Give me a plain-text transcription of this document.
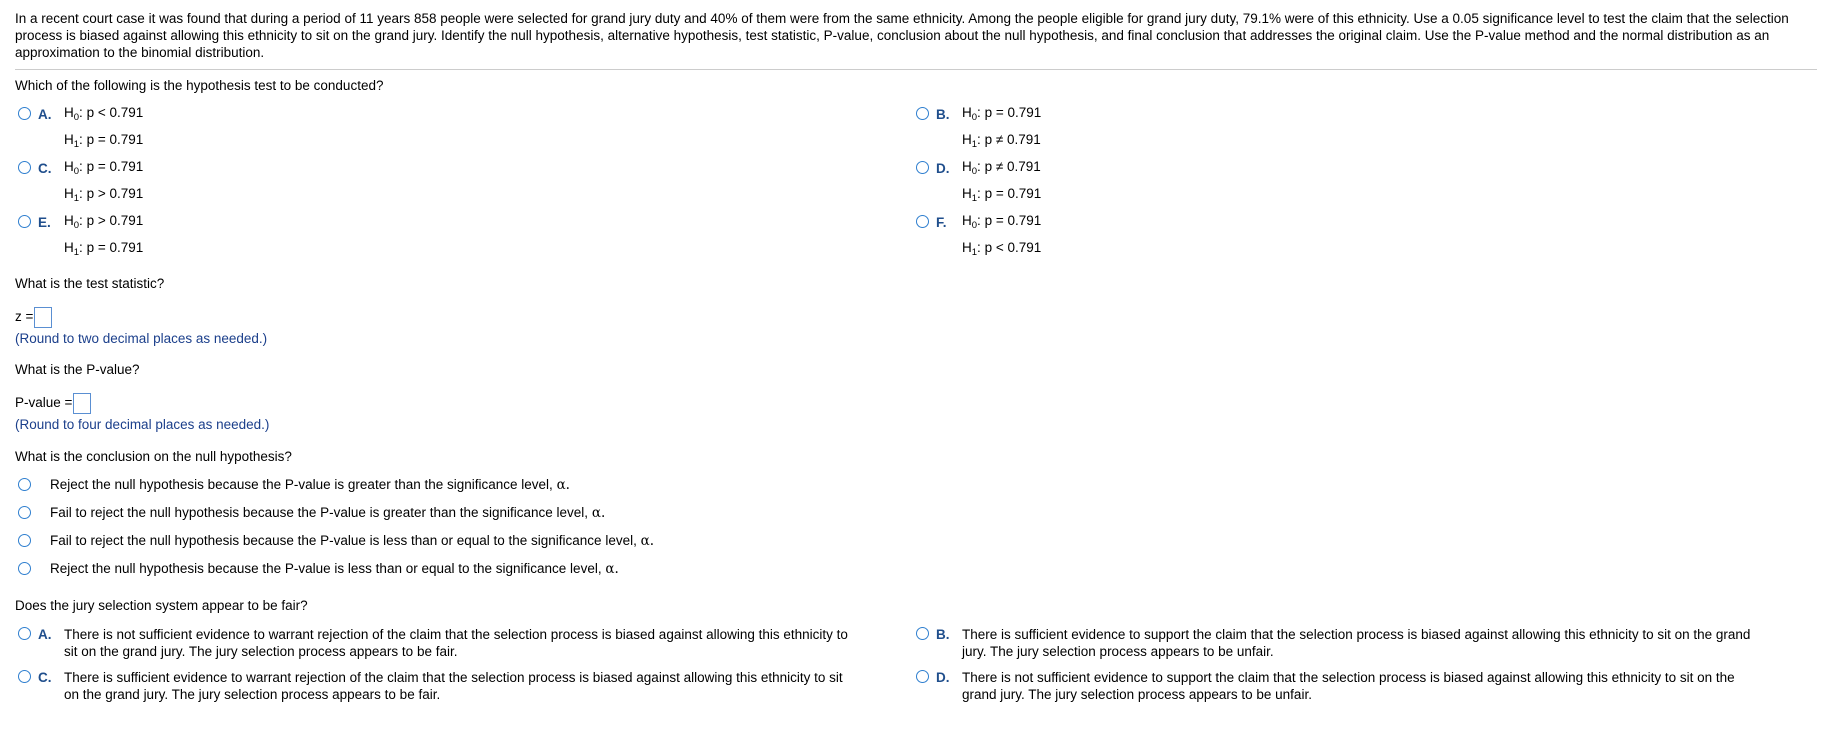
In a recent court case it was found that during a period of 11 years 858 people were selected for grand jury duty and 40% of them were from the same ethnicity. Among the people eligible for grand jury duty, 79.1% were of this ethnicity. Use a 0.05 significance level to test the claim that the selection process is biased against allowing this ethnicity to sit on the grand jury. Identify the null hypothesis, alternative hypothesis, test statistic, P-value, conclusion about the null hypothesis, and final conclusion that addresses the original claim. Use the P-value method and the normal distribution as an approximation to the binomial distribution.
Which of the following is the hypothesis test to be conducted?
A. $H_0$: p < 0.791
$H_1$: p = 0.791
B. $H_0$: p = 0.791
$H_1$: p ≠ 0.791
C. $H_0$: p = 0.791
$H_1$: p > 0.791
D. $H_0$: p ≠ 0.791
$H_1$: p = 0.791
E. $H_0$: p > 0.791
$H_1$: p = 0.791
F. $H_0$: p = 0.791
$H_1$: p < 0.791
What is the test statistic?
z =
(Round to two decimal places as needed.)
What is the P-value?
P-value =
(Round to four decimal places as needed.)
What is the conclusion on the null hypothesis?
Reject the null hypothesis because the P-value is greater than the significance level, α.
Fail to reject the null hypothesis because the P-value is greater than the significance level, α.
Fail to reject the null hypothesis because the P-value is less than or equal to the significance level, α.
Reject the null hypothesis because the P-value is less than or equal to the significance level, α.
Does the jury selection system appear to be fair?
A. There is not sufficient evidence to warrant rejection of the claim that the selection process is biased against allowing this ethnicity to
sit on the grand jury. The jury selection process appears to be fair.
B. There is sufficient evidence to support the claim that the selection process is biased against allowing this ethnicity to sit on the grand
jury. The jury selection process appears to be unfair.
C. There is sufficient evidence to warrant rejection of the claim that the selection process is biased against allowing this ethnicity to sit
on the grand jury. The jury selection process appears to be fair.
D. There is not sufficient evidence to support the claim that the selection process is biased against allowing this ethnicity to sit on the
grand jury. The jury selection process appears to be unfair.
